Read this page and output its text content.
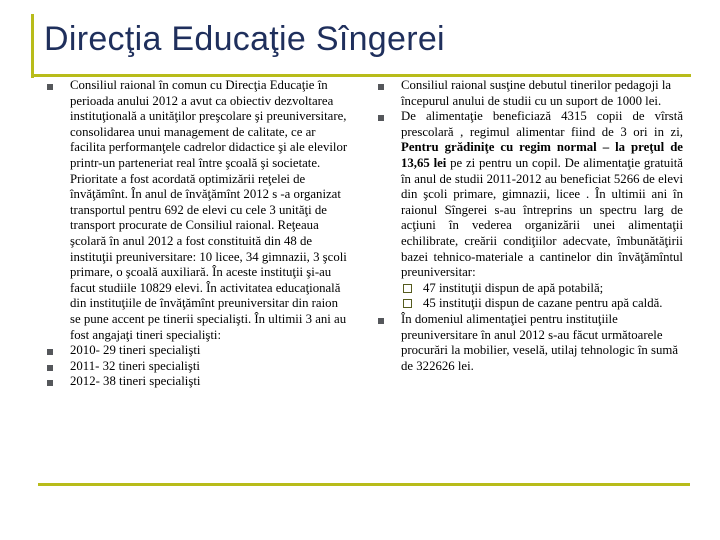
Direcţia Educaţie Sîngerei
Consiliul raional în comun cu Direcţia Educaţie în perioada anului 2012 a avut ca obiectiv dezvoltarea instituţională a unităţilor preşcolare şi preuniversitare, consolidarea unui management de calitate, ce ar facilita performanţele cadrelor didactice şi ale elevilor printr-un parteneriat real între şcoală şi societate. Prioritate a fost acordată optimizării reţelei de învăţămînt. În anul de învăţămînt 2012 s -a organizat transportul pentru 692 de elevi cu cele 3 unităţi de transport procurate de Consiliul raional. Reţeaua şcolară în anul 2012 a fost constituită din 48 de instituţii preuniversitare: 10 licee, 34 gimnazii, 3 şcoli primare, o şcoală auxiliară. În aceste instituţii şi-au facut studiile 10829 elevi. În activitatea educaţională din instituţiile de învăţămînt preuniversitar din raion se pune accent pe tinerii specialişti. În ultimii 3 ani au fost angajaţi tineri specialişti:
2010- 29 tineri specialişti
2011- 32 tineri specialişti
2012- 38 tineri specialişti
Consiliul raional susţine debutul tinerilor pedagoji la începurul anului de studii cu un suport de 1000 lei.
De alimentaţie beneficiază 4315 copii de vîrstă prescolară , regimul alimentar fiind de 3 ori in zi, Pentru grădiniţe cu regim normal – la preţul de 13,65 lei pe zi pentru un copil. De alimentaţie gratuită în anul de studii 2011-2012 au beneficiat 5266 de elevi din şcoli primare, gimnazii, licee . În ultimii ani în raionul Sîngerei s-au întreprins un spectru larg de acţiuni în vederea organizării unei alimentaţii echilibrate, creării condiţiilor adecvate, îmbunătăţirii bazei tehnico-materiale a cantinelor din învăţămîntul preuniversitar:
47 instituţii dispun de apă potabilă;
45 instituţii dispun de cazane pentru apă caldă.
În domeniul alimentaţiei pentru instituţiile preuniversitare în anul 2012 s-au făcut următoarele procurări la mobilier, veselă, utilaj tehnologic în sumă de 322626 lei.
